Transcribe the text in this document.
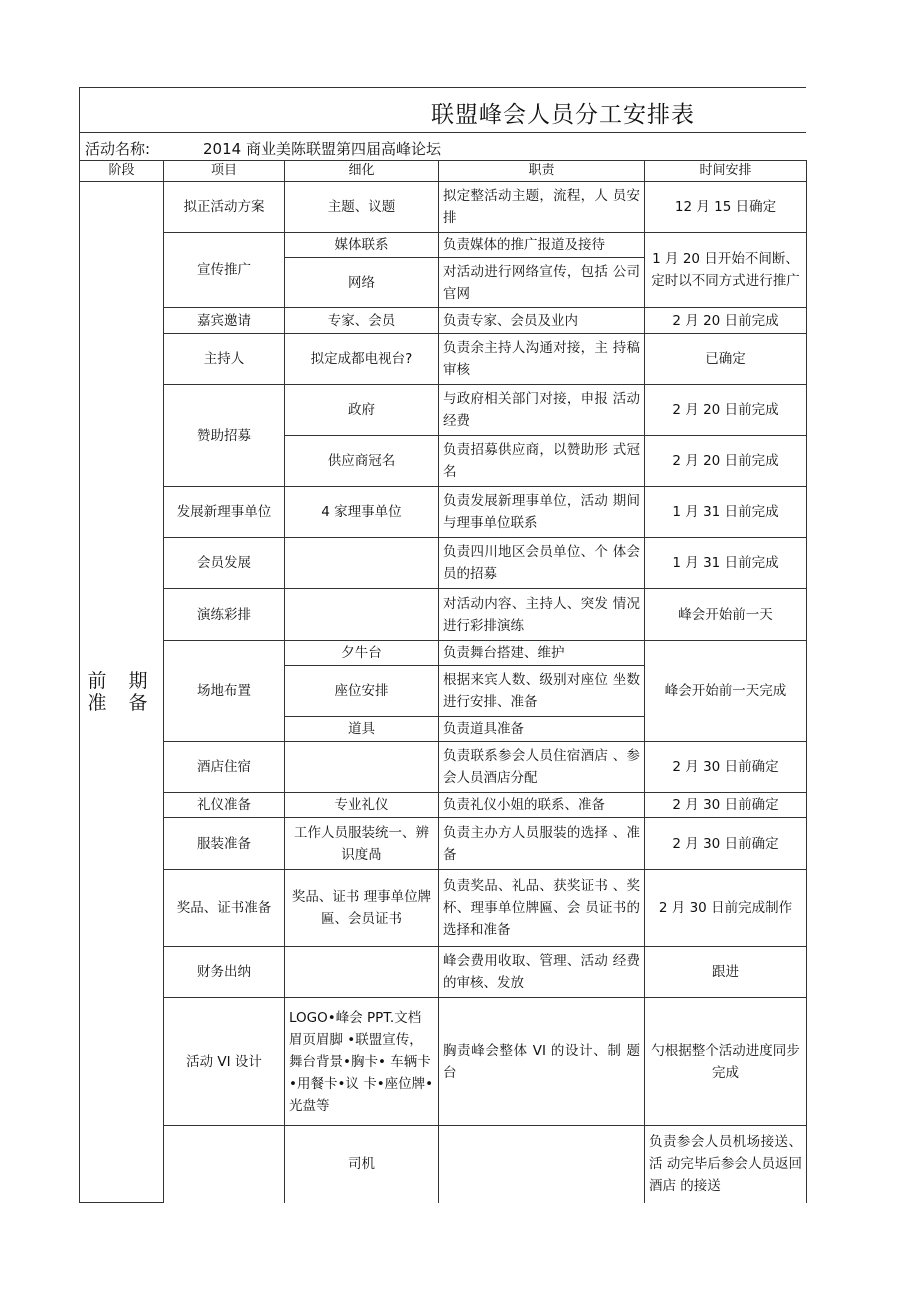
联盟峰会人员分工安排表
活动名称:	2014 商业美陈联盟第四届高峰论坛
阶段	项目	细化	职责	时间安排	

前 期
准 备	拟正活动方案	主题、议题	拟定整活动主题，流程，人 员安排	12 月 15 日确定	
	宣传推广	媒体联系	负责媒体的推广报道及接待	1 月 20 日开始不间断、定时以不同方式进行推广	
		网络	对活动进行网络宣传，包括 公司官网		
	嘉宾邀请	专家、会员	负责专家、会员及业内	2 月 20 日前完成	
	主持人	拟定成都电视台?	负责余主持人沟通对接，主 持稿审核	已确定	
	赞助招募	政府	与政府相关部门对接，申报 活动经费	2 月 20 日前完成	
		供应商冠名	负责招募供应商，以赞助形 式冠名	2 月 20 日前完成	
	发展新理事单位	4 家理事单位	负责发展新理事单位，活动 期间与理事单位联系	1 月 31 日前完成	
	会员发展		负责四川地区会员单位、个 体会员的招募	1 月 31 日前完成	
	演练彩排		对活动内容、主持人、突发 情况进行彩排演练	峰会开始前一天	
	场地布置	夕牛台	负责舞台搭建、维护	峰会开始前一天完成	
		座位安排	根据来宾人数、级别对座位 坐数进行安排、准备		
		道具	负责道具准备		
	酒店住宿		负责联系参会人员住宿酒店 、参会人员酒店分配	2 月 30 日前确定	
	礼仪准备	专业礼仪	负责礼仪小姐的联系、准备	2 月 30 日前确定	
	服装准备	工作人员服装统一、辨识度咼	负责主办方人员服装的选择 、准备	2 月 30 日前确定	
	奖品、证书准备	奖品、证书 理事单位牌匾、会员证书	负责奖品、礼品、获奖证书 、奖杯、理事单位牌匾、会 员证书的选择和准备	2 月 30 日前完成制作	
	财务出纳		峰会费用收取、管理、活动 经费的审核、发放	跟进	
	活动 VI 设计	LOGO•峰会 PPT.文档眉页眉脚 •联盟宣传，舞台背景•胸卡• 车辆卡•用餐卡•议 卡•座位牌•光盘等	胸责峰会整体 VI 的设计、制 题台	勺根据整个活动进度同步完成	
		司机		负责参会人员机场接送、活 动完毕后参会人员返回酒店 的接送	
